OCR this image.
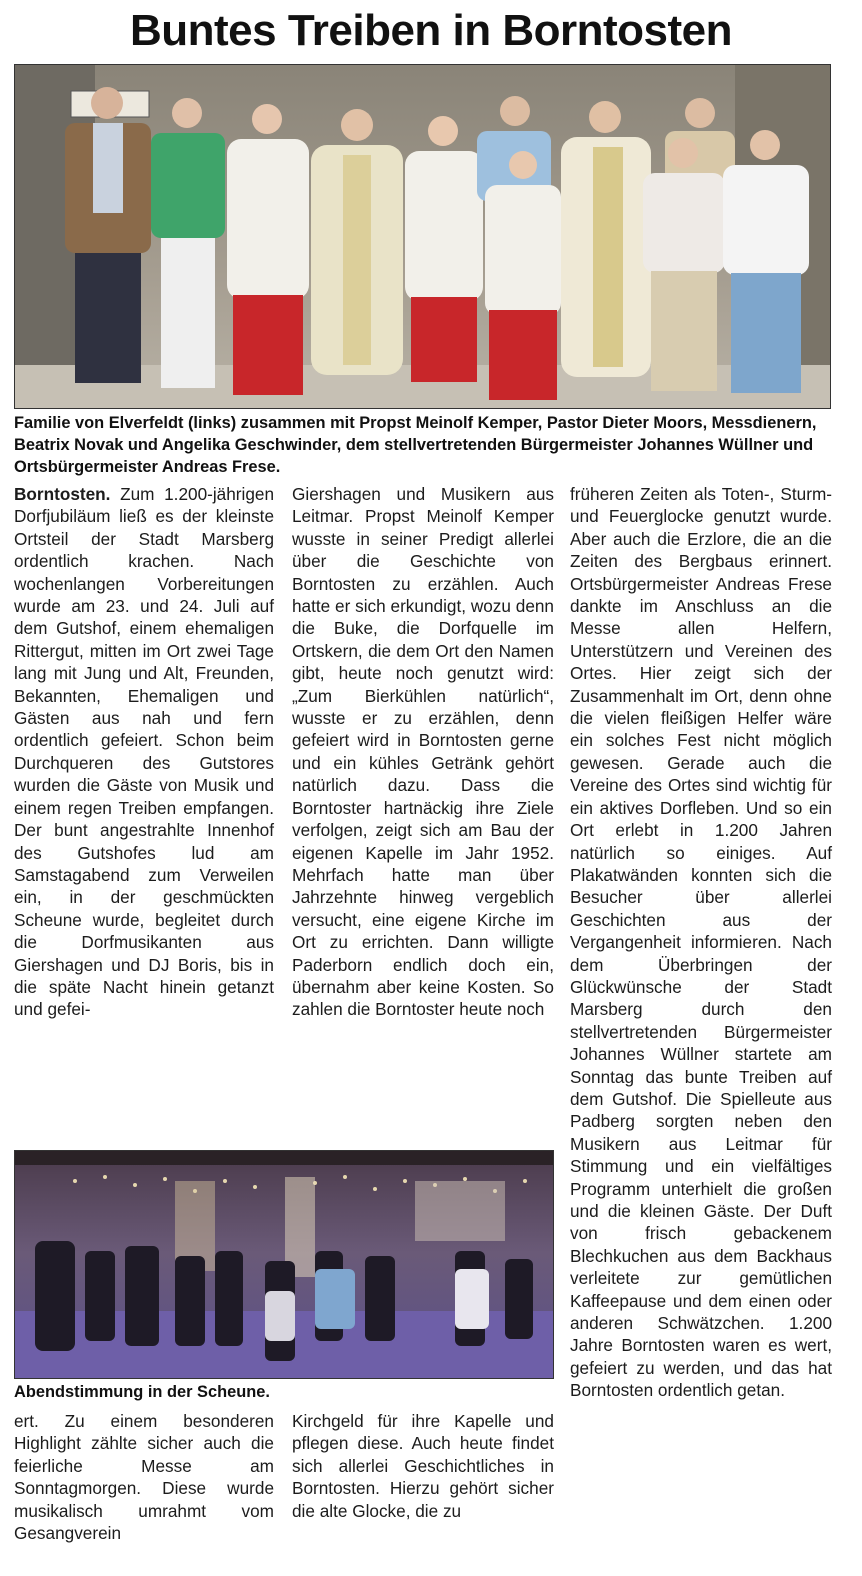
Buntes Treiben in Borntosten
Familie von Elverfeldt (links) zusammen mit Propst Meinolf Kemper, Pastor Dieter Moors, Messdienern, Beatrix Novak und Angelika Geschwinder, dem stellvertretenden Bürgermeister Johannes Wüllner und Ortsbürgermeister Andreas Frese.

Borntosten. Zum 1.200-jährigen Dorfjubiläum ließ es der kleinste Ortsteil der Stadt Marsberg ordentlich krachen. Nach wochenlangen Vorbereitungen wurde am 23. und 24. Juli auf dem Gutshof, einem ehemaligen Rittergut, mitten im Ort zwei Tage lang mit Jung und Alt, Freunden, Bekannten, Ehemaligen und Gästen aus nah und fern ordentlich gefeiert. Schon beim Durchqueren des Gutstores wurden die Gäste von Musik und einem regen Treiben empfangen. Der bunt angestrahlte Innenhof des Gutshofes lud am Samstagabend zum Verweilen ein, in der geschmückten Scheune wurde, begleitet durch die Dorfmusikanten aus Giershagen und DJ Boris, bis in die späte Nacht hinein getanzt und gefei-

Giershagen und Musikern aus Leitmar. Propst Meinolf Kemper wusste in seiner Predigt allerlei über die Geschichte von Borntosten zu erzählen. Auch hatte er sich erkundigt, wozu denn die Buke, die Dorfquelle im Ortskern, die dem Ort den Namen gibt, heute noch genutzt wird: „Zum Bierkühlen natürlich“, wusste er zu erzählen, denn gefeiert wird in Borntosten gerne und ein kühles Getränk gehört natürlich dazu. Dass die Borntoster hartnäckig ihre Ziele verfolgen, zeigt sich am Bau der eigenen Kapelle im Jahr 1952. Mehrfach hatte man über Jahrzehnte hinweg vergeblich versucht, eine eigene Kirche im Ort zu errichten. Dann willigte Paderborn endlich doch ein, übernahm aber keine Kosten. So zahlen die Borntoster heute noch

früheren Zeiten als Toten-, Sturm- und Feuerglocke genutzt wurde. Aber auch die Erzlore, die an die Zeiten des Bergbaus erinnert. Ortsbürgermeister Andreas Frese dankte im Anschluss an die Messe allen Helfern, Unterstützern und Vereinen des Ortes. Hier zeigt sich der Zusammenhalt im Ort, denn ohne die vielen fleißigen Helfer wäre ein solches Fest nicht möglich gewesen. Gerade auch die Vereine des Ortes sind wichtig für ein aktives Dorfleben. Und so ein Ort erlebt in 1.200 Jahren natürlich so einiges. Auf Plakatwänden konnten sich die Besucher über allerlei Geschichten aus der Vergangenheit informieren. Nach dem Überbringen der Glückwünsche der Stadt Marsberg durch den stellvertretenden Bürgermeister Johannes Wüllner startete am Sonntag das bunte Treiben auf dem Gutshof. Die Spielleute aus Padberg sorgten neben den Musikern aus Leitmar für Stimmung und ein vielfältiges Programm unterhielt die großen und die kleinen Gäste. Der Duft von frisch gebackenem Blechkuchen aus dem Backhaus verleitete zur gemütlichen Kaffeepause und dem einen oder anderen Schwätzchen. 1.200 Jahre Borntosten waren es wert, gefeiert zu werden, und das hat Borntosten ordentlich getan.

Abendstimmung in der Scheune.

ert. Zu einem besonderen Highlight zählte sicher auch die feierliche Messe am Sonntagmorgen. Diese wurde musikalisch umrahmt vom Gesangverein

Kirchgeld für ihre Kapelle und pflegen diese. Auch heute findet sich allerlei Geschichtliches in Borntosten. Hierzu gehört sicher die alte Glocke, die zu
